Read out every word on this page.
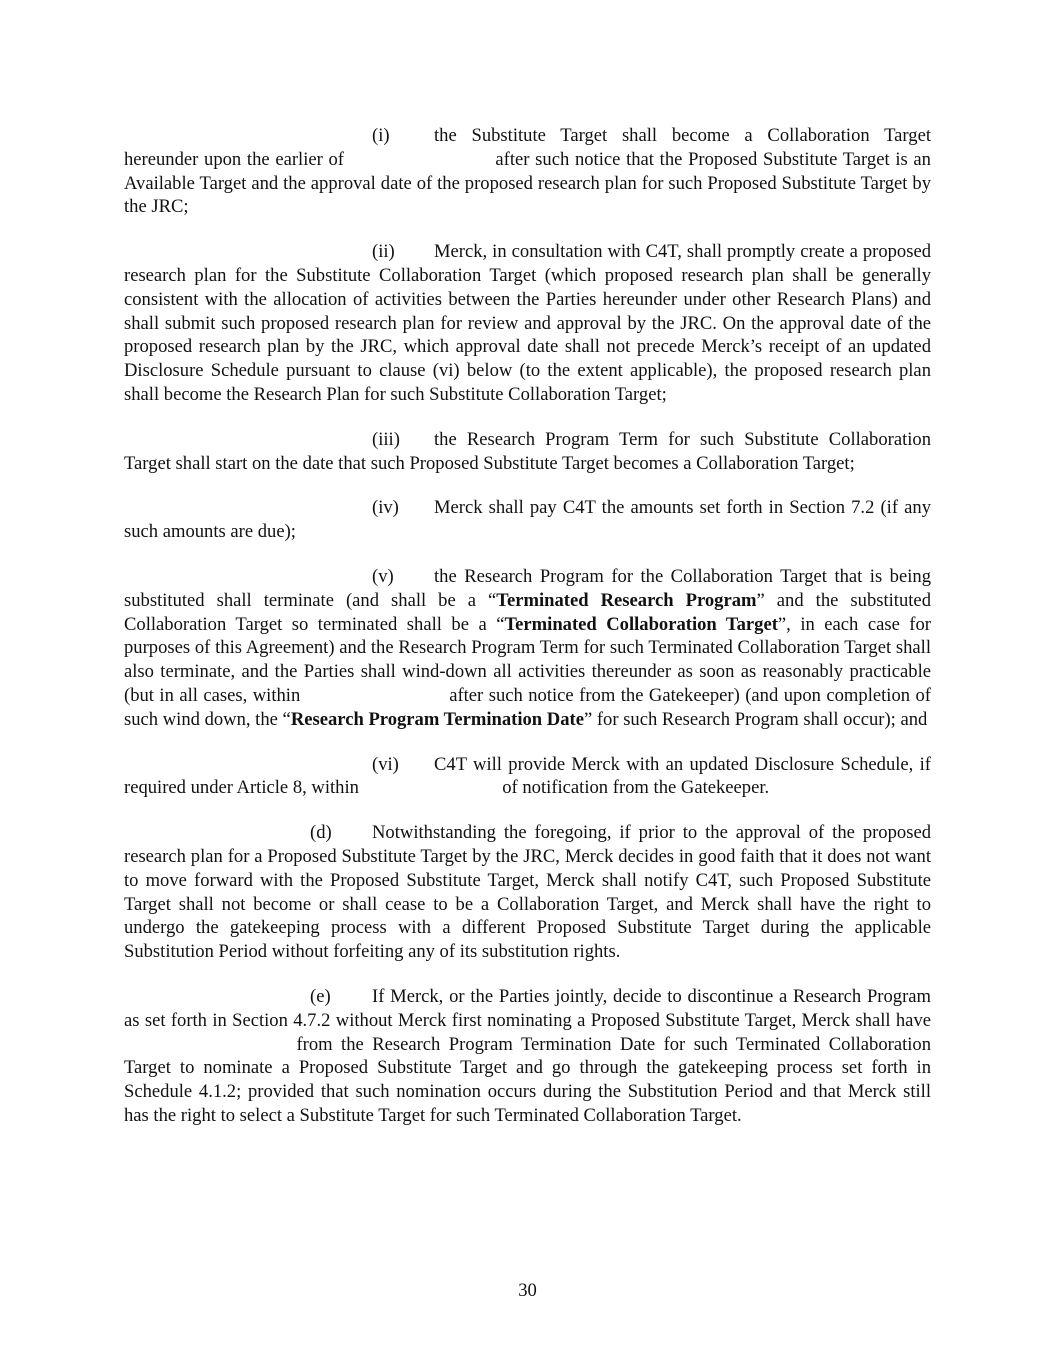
(i) the Substitute Target shall become a Collaboration Target hereunder upon the earlier of	after such notice that the Proposed Substitute Target is an Available Target and the approval date of the proposed research plan for such Proposed Substitute Target by the JRC;

(ii) Merck, in consultation with C4T, shall promptly create a proposed research plan for the Substitute Collaboration Target (which proposed research plan shall be generally consistent with the allocation of activities between the Parties hereunder under other Research Plans) and shall submit such proposed research plan for review and approval by the JRC. On the approval date of the proposed research plan by the JRC, which approval date shall not precede Merck’s receipt of an updated Disclosure Schedule pursuant to clause (vi) below (to the extent applicable), the proposed research plan shall become the Research Plan for such Substitute Collaboration Target;

(iii) the Research Program Term for such Substitute Collaboration Target shall start on the date that such Proposed Substitute Target becomes a Collaboration Target;

(iv) Merck shall pay C4T the amounts set forth in Section 7.2 (if any such amounts are due);

(v) the Research Program for the Collaboration Target that is being substituted shall terminate (and shall be a “Terminated Research Program” and the substituted Collaboration Target so terminated shall be a “Terminated Collaboration Target”, in each case for purposes of this Agreement) and the Research Program Term for such Terminated Collaboration Target shall also terminate, and the Parties shall wind-down all activities thereunder as soon as reasonably practicable (but in all cases, within	after such notice from the Gatekeeper) (and upon completion of such wind down, the “Research Program Termination Date” for such Research Program shall occur); and

(vi) C4T will provide Merck with an updated Disclosure Schedule, if required under Article 8, within	of notification from the Gatekeeper.

(d) Notwithstanding the foregoing, if prior to the approval of the proposed research plan for a Proposed Substitute Target by the JRC, Merck decides in good faith that it does not want to move forward with the Proposed Substitute Target, Merck shall notify C4T, such Proposed Substitute Target shall not become or shall cease to be a Collaboration Target, and Merck shall have the right to undergo the gatekeeping process with a different Proposed Substitute Target during the applicable Substitution Period without forfeiting any of its substitution rights.

(e) If Merck, or the Parties jointly, decide to discontinue a Research Program as set forth in Section 4.7.2 without Merck first nominating a Proposed Substitute Target, Merck shall have  from the Research Program Termination Date for such Terminated Collaboration Target to nominate a Proposed Substitute Target and go through the gatekeeping process set forth in Schedule 4.1.2; provided that such nomination occurs during the Substitution Period and that Merck still has the right to select a Substitute Target for such Terminated Collaboration Target.

30
